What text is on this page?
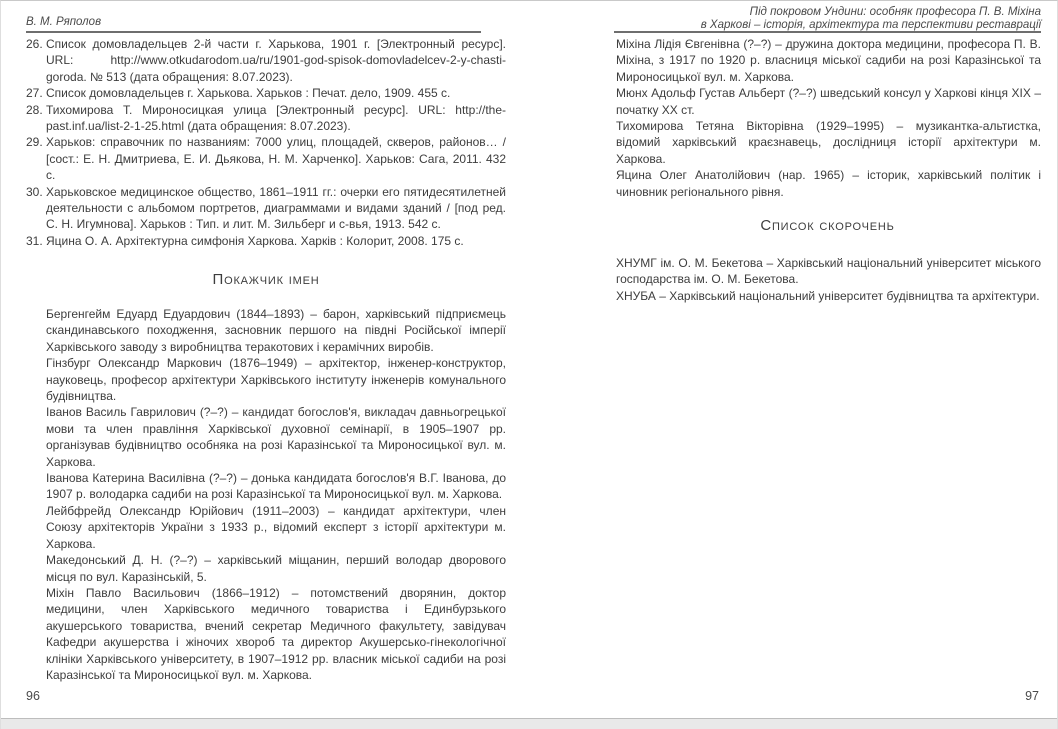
В. М. Ряполов
Під покровом Ундини: особняк професора П. В. Міхіна
в Харкові – історія, архітектура та перспективи реставрації
26. Список домовладельцев 2-й части г. Харькова, 1901 г. [Электронный ресурс]. URL: http://www.otkudarodom.ua/ru/1901-god-spisok-domovladelcev-2-y-chasti-goroda. № 513 (дата обращения: 8.07.2023).
27. Список домовладельцев г. Харькова. Харьков : Печат. дело, 1909. 455 с.
28. Тихомирова Т. Мироносицкая улица [Электронный ресурс]. URL: http://the-past.inf.ua/list-2-1-25.html (дата обращения: 8.07.2023).
29. Харьков: справочник по названиям: 7000 улиц, площадей, скверов, районов… / [сост.: Е. Н. Дмитриева, Е. И. Дьякова, Н. М. Харченко]. Харьков: Сага, 2011. 432 с.
30. Харьковское медицинское общество, 1861–1911 гг.: очерки его пятидесятилетней деятельности с альбомом портретов, диаграммами и видами зданий / [под ред. С. Н. Игумнова]. Харьков : Тип. и лит. М. Зильберг и с-вья, 1913. 542 с.
31. Яцина О. А. Архітектурна симфонія Харкова. Харків : Колорит, 2008. 175 с.
Покажчик імен

Бергенгейм Едуард Едуардович (1844–1893) – барон, харківський підприємець скандинавського походження, засновник першого на півдні Російської імперії Харківського заводу з виробництва теракотових і керамічних виробів.

Гінзбург Олександр Маркович (1876–1949) – архітектор, інженер-конструктор, науковець, професор архітектури Харківського інституту інженерів комунального будівництва.

Іванов Василь Гаврилович (?–?) – кандидат богослов'я, викладач давньогрецької мови та член правління Харківської духовної семінарії, в 1905–1907 рр. організував будівництво особняка на розі Каразінської та Мироносицької вул. м. Харкова.

Іванова Катерина Василівна (?–?) – донька кандидата богослов'я В.Г. Іванова, до 1907 р. володарка садиби на розі Каразінської та Мироносицької вул. м. Харкова.

Лейбфрейд Олександр Юрійович (1911–2003) – кандидат архітектури, член Союзу архітекторів України з 1933 р., відомий експерт з історії архітектури м. Харкова.

Македонський Д. Н. (?–?) – харківський міщанин, перший володар дворового місця по вул. Каразінській, 5.

Міхін Павло Васильович (1866–1912) – потомствений дворянин, доктор медицини, член Харківського медичного товариства і Единбурзького акушерського товариства, вчений секретар Медичного факультету, завідувач Кафедри акушерства і жіночих хвороб та директор Акушерсько-гінекологічної клініки Харківського університету, в 1907–1912 рр. власник міської садиби на розі Каразінської та Мироносицької вул. м. Харкова.

96

Міхіна Лідія Євгенівна (?–?) – дружина доктора медицини, професора П. В. Міхіна, з 1917 по 1920 р. власниця міської садиби на розі Каразінської та Мироносицької вул. м. Харкова.

Мюнх Адольф Густав Альберт (?–?) шведський консул у Харкові кінця XIX – початку XX ст.

Тихомирова Тетяна Вікторівна (1929–1995) – музикантка-альтистка, відомий харківський краєзнавець, дослідниця історії архітектури м. Харкова.

Яцина Олег Анатолійович (нар. 1965) – історик, харківський політик і чиновник регіонального рівня.

Список скорочень

ХНУМГ ім. О. М. Бекетова – Харківський національний університет міського господарства ім. О. М. Бекетова.

ХНУБА – Харківський національний університет будівництва та архітектури.

97
